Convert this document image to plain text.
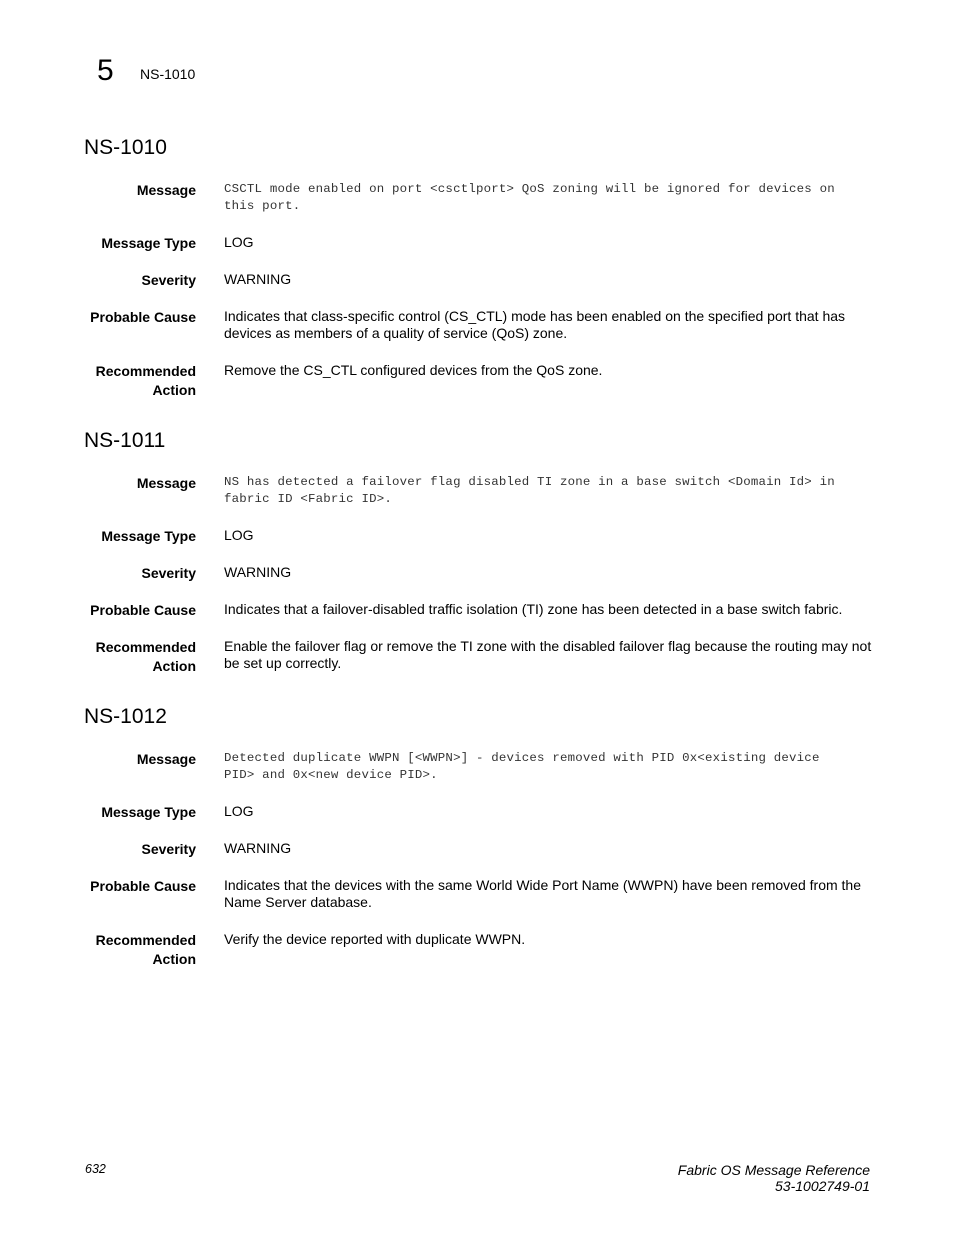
5 NS-1010
NS-1010
Message CSCTL mode enabled on port <csctlport> QoS zoning will be ignored for devices on this port.
Message Type LOG
Severity WARNING
Probable Cause Indicates that class-specific control (CS_CTL) mode has been enabled on the specified port that has devices as members of a quality of service (QoS) zone.
Recommended
Action
Remove the CS_CTL configured devices from the QoS zone.
NS-1011
Message NS has detected a failover flag disabled TI zone in a base switch <Domain Id> in fabric ID <Fabric ID>.
Message Type LOG
Severity WARNING
Probable Cause Indicates that a failover-disabled traffic isolation (TI) zone has been detected in a base switch fabric.
Recommended
Action
Enable the failover flag or remove the TI zone with the disabled failover flag because the routing may not be set up correctly.
NS-1012
Message Detected duplicate WWPN [<WWPN>] - devices removed with PID 0x<existing device PID> and 0x<new device PID>.
Message Type LOG
Severity WARNING
Probable Cause Indicates that the devices with the same World Wide Port Name (WWPN) have been removed from the Name Server database.
Recommended
Action
Verify the device reported with duplicate WWPN.
632	Fabric OS Message Reference
53-1002749-01
